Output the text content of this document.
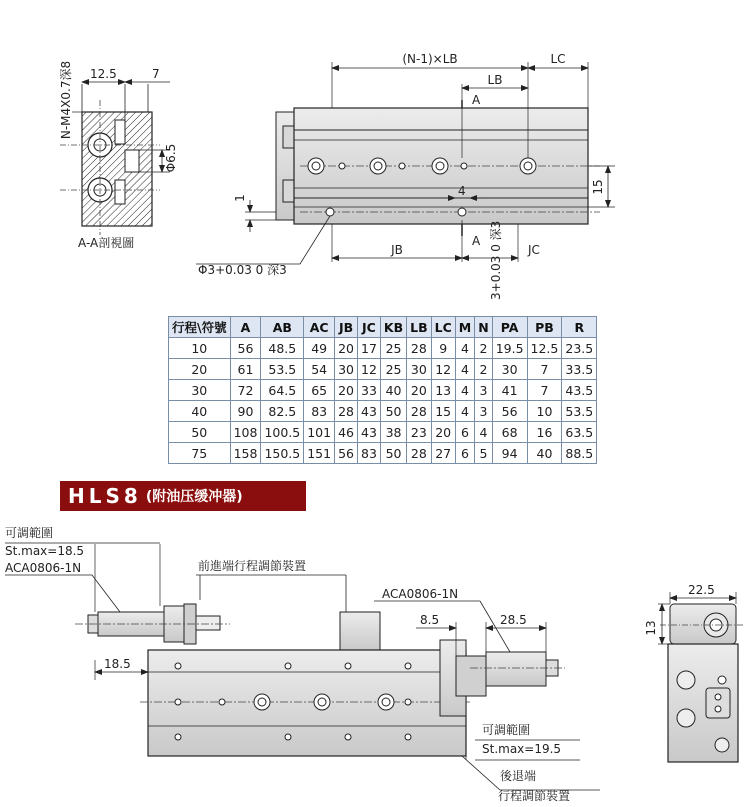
12.5	7
Φ6.5
N-M4X0.7深8
A-A剖視圖
(N-1)×LB	LC
LB
A
A
1	4	15
JB	JC
Φ3+0.03 0 深3	3+0.03 0 深3
可調範圍
St.max=18.5
ACA0806-1N	前進端行程調節裝置
ACA0806-1N
8.5	28.5
18.5
可調範圍
St.max=19.5
後退端
行程調節裝置
22.5
13
行程\符號	A	AB	AC	JB	JC	KB	LB	LC	M	N	PA	PB	R
10	56	48.5	49	20	17	25	28	9	4	2	19.5	12.5	23.5
20	61	53.5	54	30	12	25	30	12	4	2	30	7	33.5
30	72	64.5	65	20	33	40	20	13	4	3	41	7	43.5
40	90	82.5	83	28	43	50	28	15	4	3	56	10	53.5
50	108	100.5	101	46	43	38	23	20	6	4	68	16	63.5
75	158	150.5	151	56	83	50	28	27	6	5	94	40	88.5
HLS8 (附油压缓冲器)
